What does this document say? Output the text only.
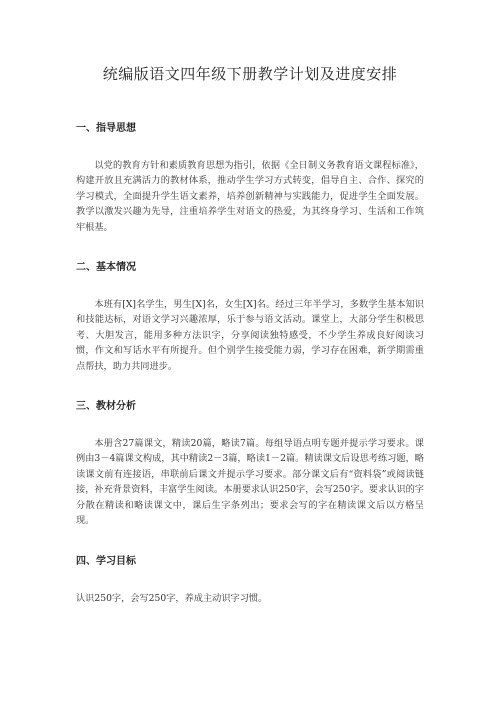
统编版语文四年级下册教学计划及进度安排
一、指导思想

以党的教育方针和素质教育思想为指引，依据《全日制义务教育语文课程标准》，构建开放且充满活力的教材体系，推动学生学习方式转变，倡导自主、合作、探究的学习模式，全面提升学生语文素养，培养创新精神与实践能力，促进学生全面发展。教学以激发兴趣为先导，注重培养学生对语文的热爱，为其终身学习、生活和工作筑牢根基。

二、基本情况

本班有[X]名学生，男生[X]名，女生[X]名。经过三年半学习，多数学生基本知识和技能达标，对语文学习兴趣浓厚，乐于参与语文活动。课堂上，大部分学生积极思考、大胆发言，能用多种方法识字，分享阅读独特感受，不少学生养成良好阅读习惯，作文和写话水平有所提升。但个别学生接受能力弱，学习存在困难，新学期需重点帮扶，助力共同进步。

三、教材分析

本册含27篇课文，精读20篇，略读7篇。每组导语点明专题并提示学习要求。课例由3－4篇课文构成，其中精读2－3篇，略读1－2篇。精读课文后设思考练习题，略读课文前有连接语，串联前后课文并提示学习要求。部分课文后有“资料袋”或阅读链接，补充背景资料，丰富学生阅读。本册要求认识250字，会写250字。要求认识的字分散在精读和略读课文中，课后生字条列出；要求会写的字在精读课文后以方格呈现。

四、学习目标

认识250字，会写250字，养成主动识字习惯。
